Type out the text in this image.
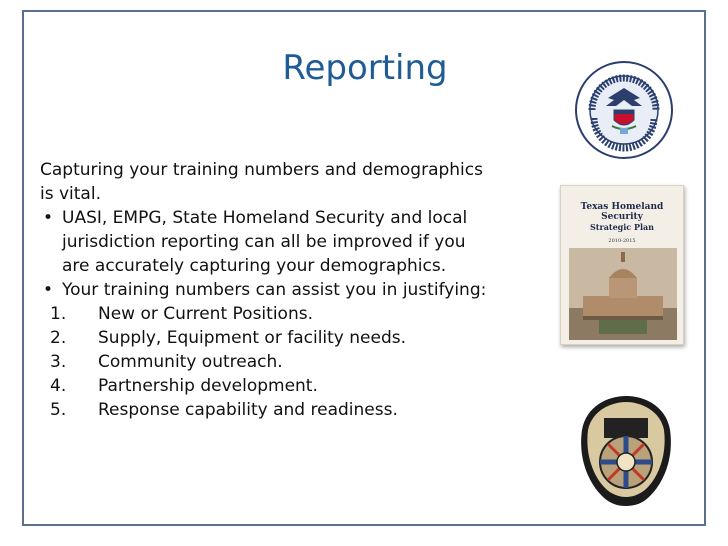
Reporting

Capturing your training numbers and demographics
is vital.

• UASI, EMPG, State Homeland Security and local
jurisdiction reporting can all be improved if you
are accurately capturing your demographics.

• Your training numbers can assist you in justifying:

1. New or Current Positions.
2. Supply, Equipment or facility needs.
3. Community outreach.
4. Partnership development.
5. Response capability and readiness.
Texas Homeland Security
Strategic Plan
2010-2015
